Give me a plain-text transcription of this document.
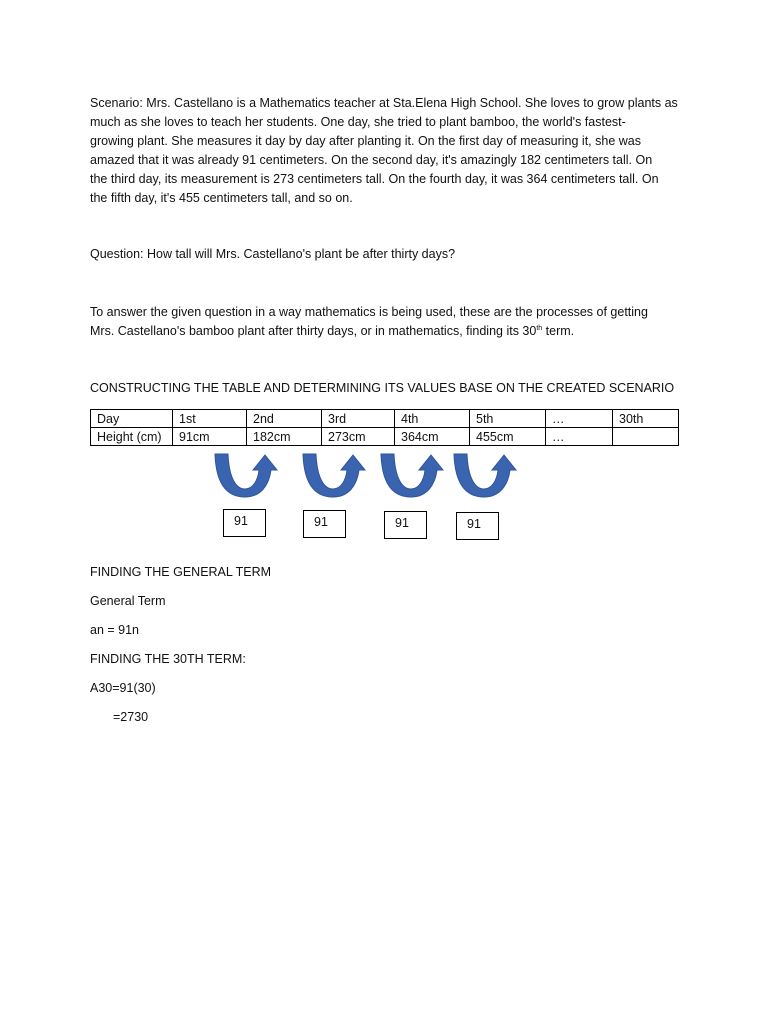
Scenario: Mrs. Castellano is a Mathematics teacher at Sta.Elena High School. She loves to grow plants as
much as she loves to teach her students. One day, she tried to plant bamboo, the world's fastest-
growing plant. She measures it day by day after planting it. On the first day of measuring it, she was
amazed that it was already 91 centimeters. On the second day, it's amazingly 182 centimeters tall. On
the third day, its measurement is 273 centimeters tall. On the fourth day, it was 364 centimeters tall. On
the fifth day, it's 455 centimeters tall, and so on.
Question: How tall will Mrs. Castellano's plant be after thirty days?
To answer the given question in a way mathematics is being used, these are the processes of getting
Mrs. Castellano's bamboo plant after thirty days, or in mathematics, finding its 30th term.
CONSTRUCTING THE TABLE AND DETERMINING ITS VALUES BASE ON THE CREATED SCENARIO
Day	1st	2nd	3rd	4th	5th	…	30th
Height (cm)	91cm	182cm	273cm	364cm	455cm	…	
91	91	91	91
FINDING THE GENERAL TERM
General Term
an = 91n
FINDING THE 30TH TERM:
A30=91(30)
=2730
